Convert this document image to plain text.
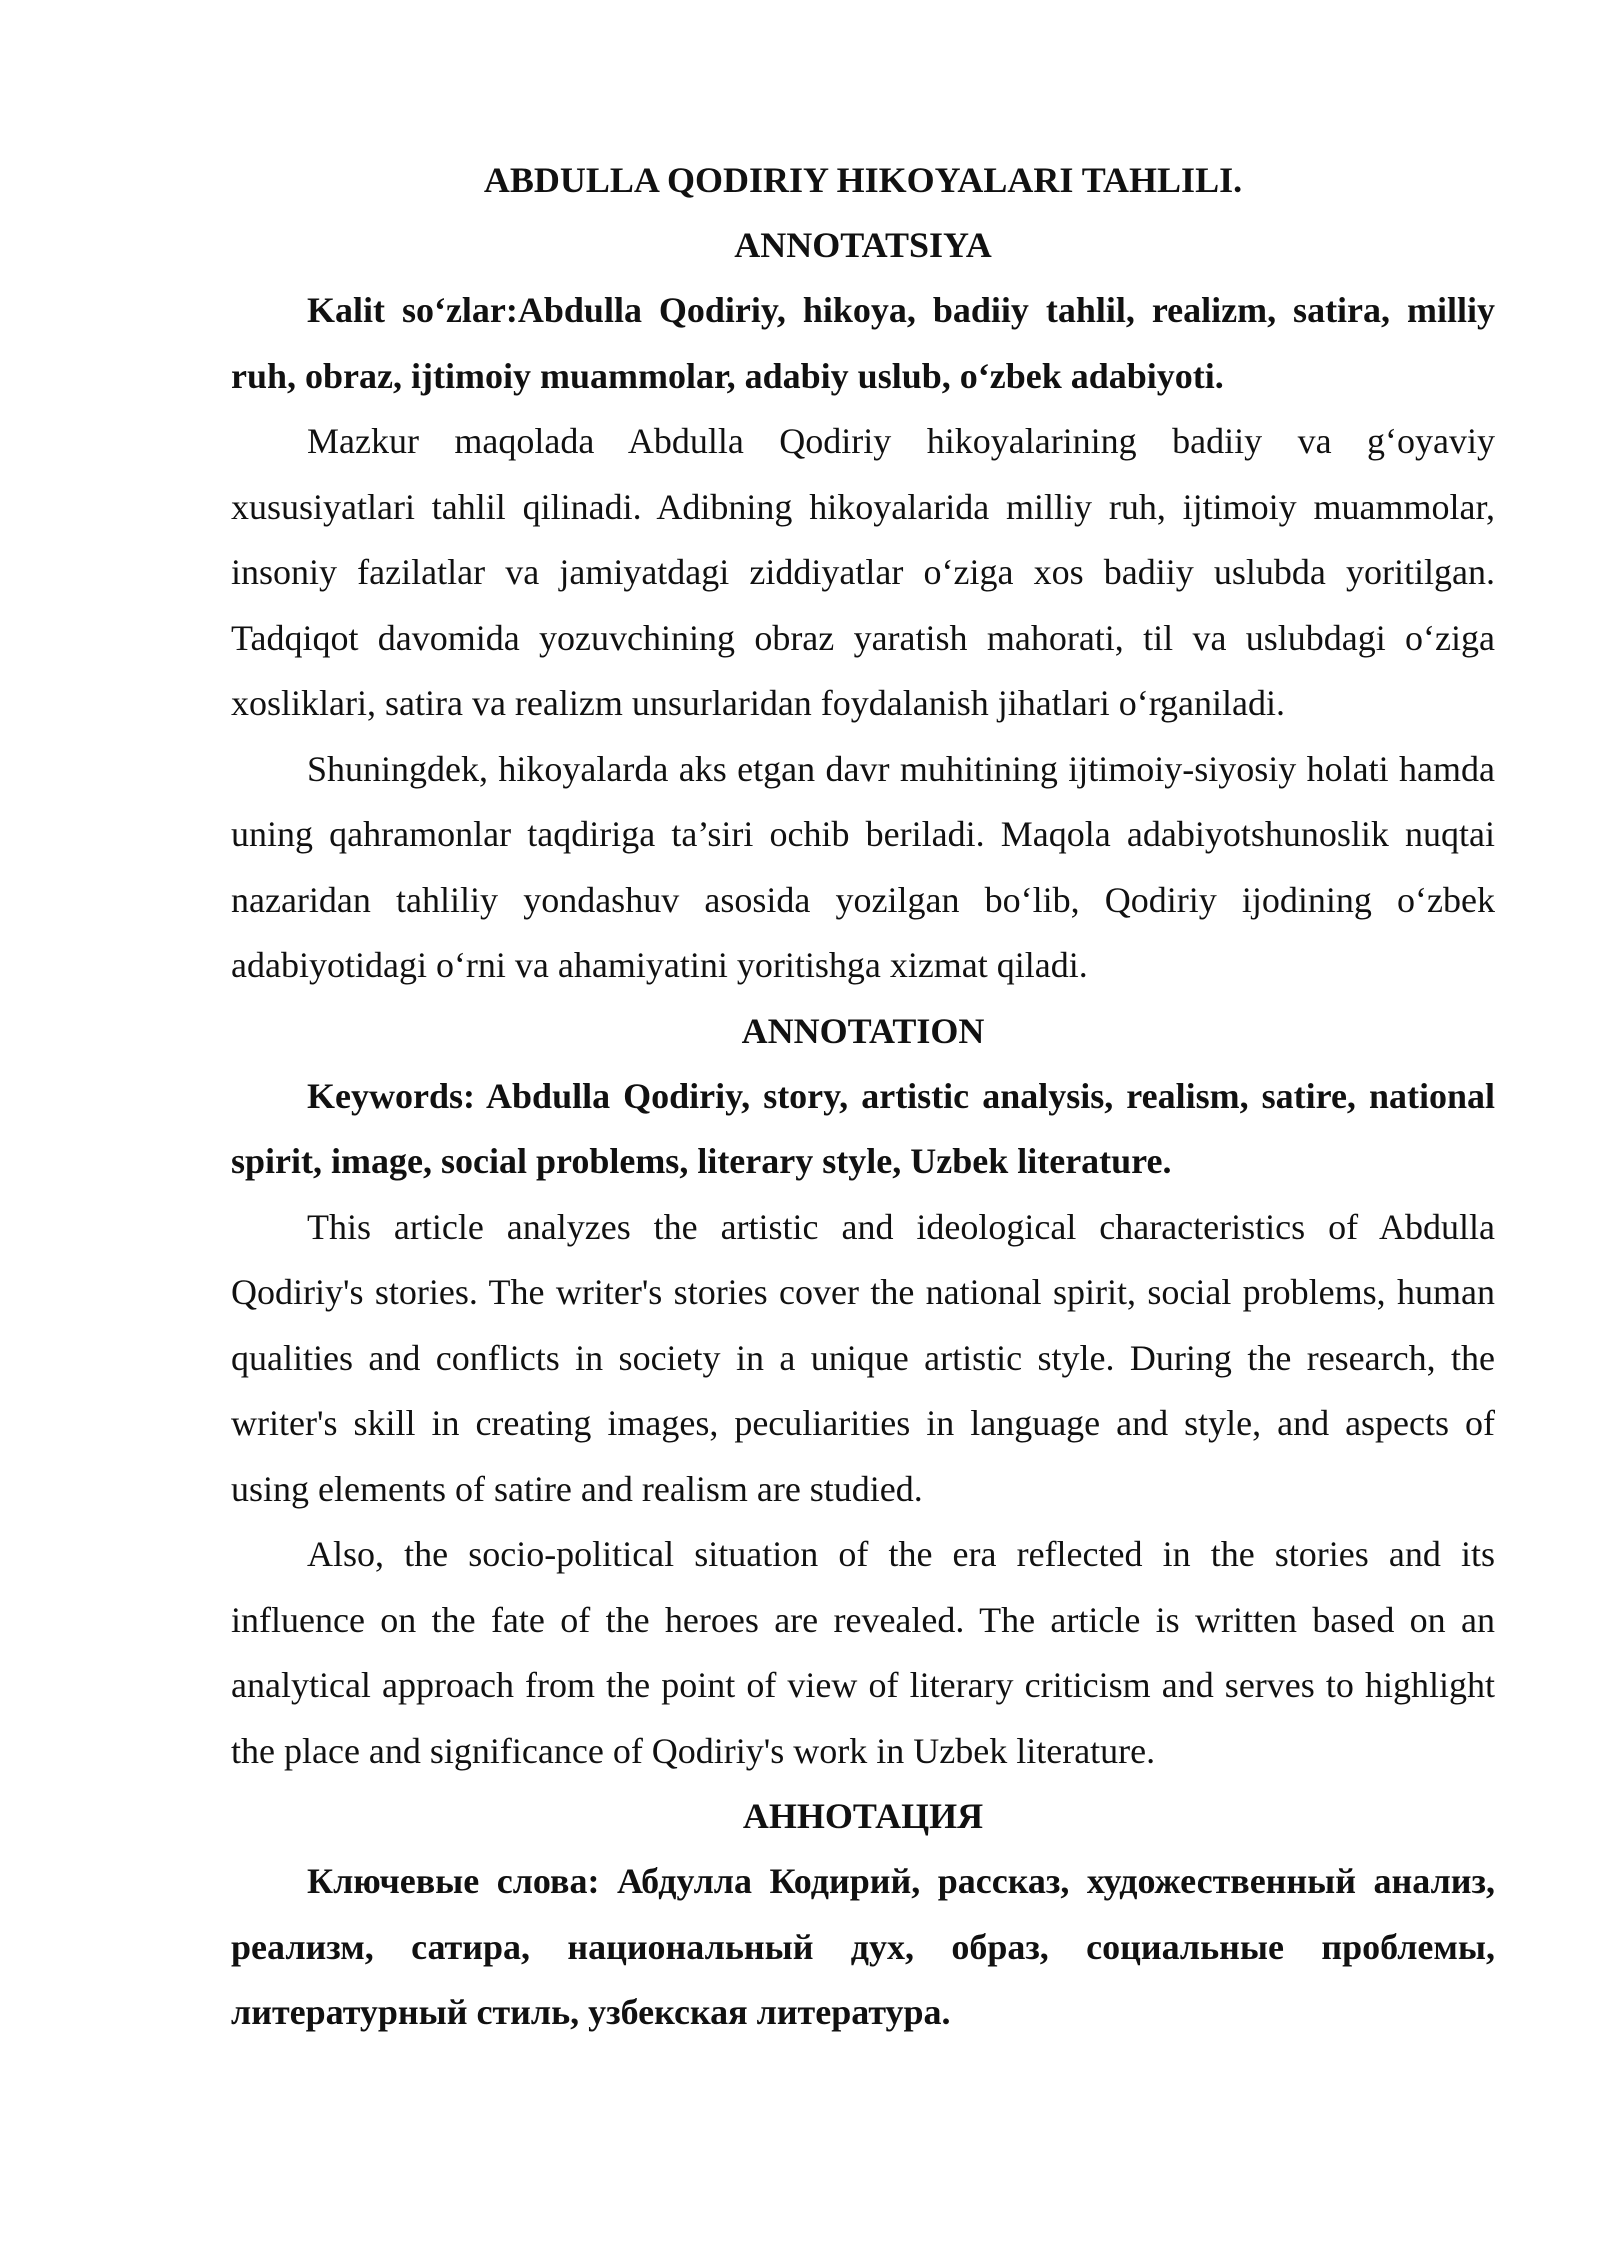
ABDULLA QODIRIY HIKOYALARI TAHLILI.

ANNOTATSIYA

Kalit so‘zlar:Abdulla Qodiriy, hikoya, badiiy tahlil, realizm, satira, milliy ruh, obraz, ijtimoiy muammolar, adabiy uslub, o‘zbek adabiyoti.

Mazkur maqolada Abdulla Qodiriy hikoyalarining badiiy va g‘oyaviy xususiyatlari tahlil qilinadi. Adibning hikoyalarida milliy ruh, ijtimoiy muammolar, insoniy fazilatlar va jamiyatdagi ziddiyatlar o‘ziga xos badiiy uslubda yoritilgan. Tadqiqot davomida yozuvchining obraz yaratish mahorati, til va uslubdagi o‘ziga xosliklari, satira va realizm unsurlaridan foydalanish jihatlari o‘rganiladi.

Shuningdek, hikoyalarda aks etgan davr muhitining ijtimoiy-siyosiy holati hamda uning qahramonlar taqdiriga ta’siri ochib beriladi. Maqola adabiyotshunoslik nuqtai nazaridan tahliliy yondashuv asosida yozilgan bo‘lib, Qodiriy ijodining o‘zbek adabiyotidagi o‘rni va ahamiyatini yoritishga xizmat qiladi.

ANNOTATION

Keywords: Abdulla Qodiriy, story, artistic analysis, realism, satire, national spirit, image, social problems, literary style, Uzbek literature.

This article analyzes the artistic and ideological characteristics of Abdulla Qodiriy's stories. The writer's stories cover the national spirit, social problems, human qualities and conflicts in society in a unique artistic style. During the research, the writer's skill in creating images, peculiarities in language and style, and aspects of using elements of satire and realism are studied.

Also, the socio-political situation of the era reflected in the stories and its influence on the fate of the heroes are revealed. The article is written based on an analytical approach from the point of view of literary criticism and serves to highlight the place and significance of Qodiriy's work in Uzbek literature.

АННОТАЦИЯ

Ключевые слова: Абдулла Кодирий, рассказ, художественный анализ, реализм, сатира, национальный дух, образ, социальные проблемы, литературный стиль, узбекская литература.
